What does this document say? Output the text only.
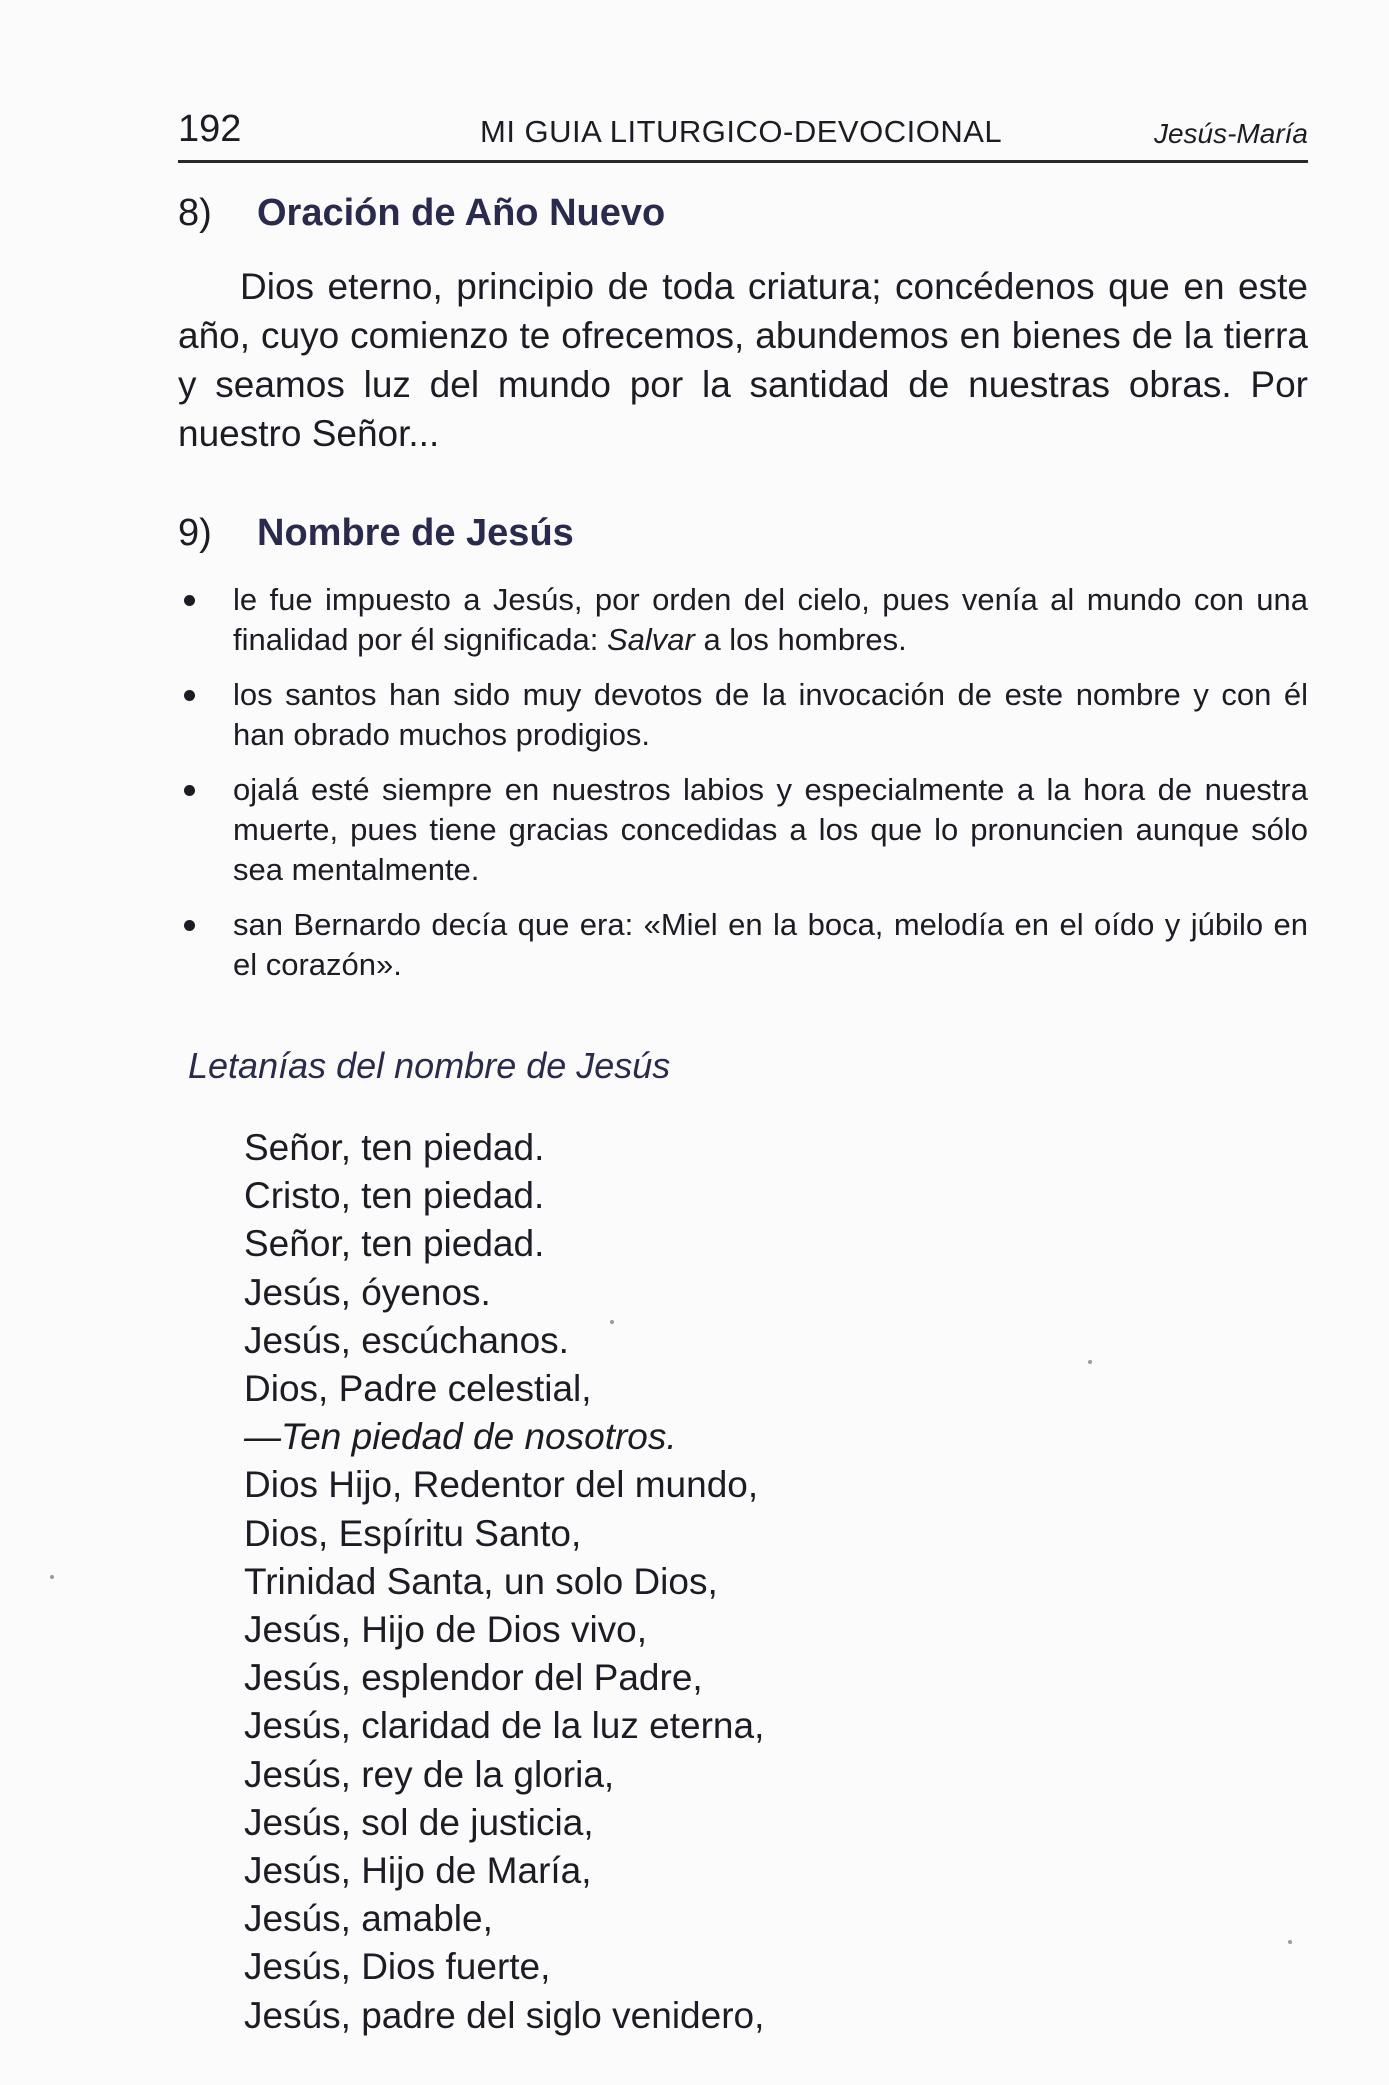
192	MI GUIA LITURGICO-DEVOCIONAL	Jesús-María
8) Oración de Año Nuevo

Dios eterno, principio de toda criatura; concédenos que en este año, cuyo comienzo te ofrecemos, abundemos en bienes de la tierra y seamos luz del mundo por la santidad de nuestras obras. Por nuestro Señor...

9) Nombre de Jesús
le fue impuesto a Jesús, por orden del cielo, pues venía al mundo con una finalidad por él significada: Salvar a los hombres.
los santos han sido muy devotos de la invocación de este nombre y con él han obrado muchos prodigios.
ojalá esté siempre en nuestros labios y especialmente a la hora de nuestra muerte, pues tiene gracias concedidas a los que lo pronuncien aunque sólo sea mentalmente.
san Bernardo decía que era: «Miel en la boca, melodía en el oído y júbilo en el corazón».
Letanías del nombre de Jesús
Señor, ten piedad.
Cristo, ten piedad.
Señor, ten piedad.
Jesús, óyenos.
Jesús, escúchanos.
Dios, Padre celestial,
—Ten piedad de nosotros.
Dios Hijo, Redentor del mundo,
Dios, Espíritu Santo,
Trinidad Santa, un solo Dios,
Jesús, Hijo de Dios vivo,
Jesús, esplendor del Padre,
Jesús, claridad de la luz eterna,
Jesús, rey de la gloria,
Jesús, sol de justicia,
Jesús, Hijo de María,
Jesús, amable,
Jesús, Dios fuerte,
Jesús, padre del siglo venidero,
